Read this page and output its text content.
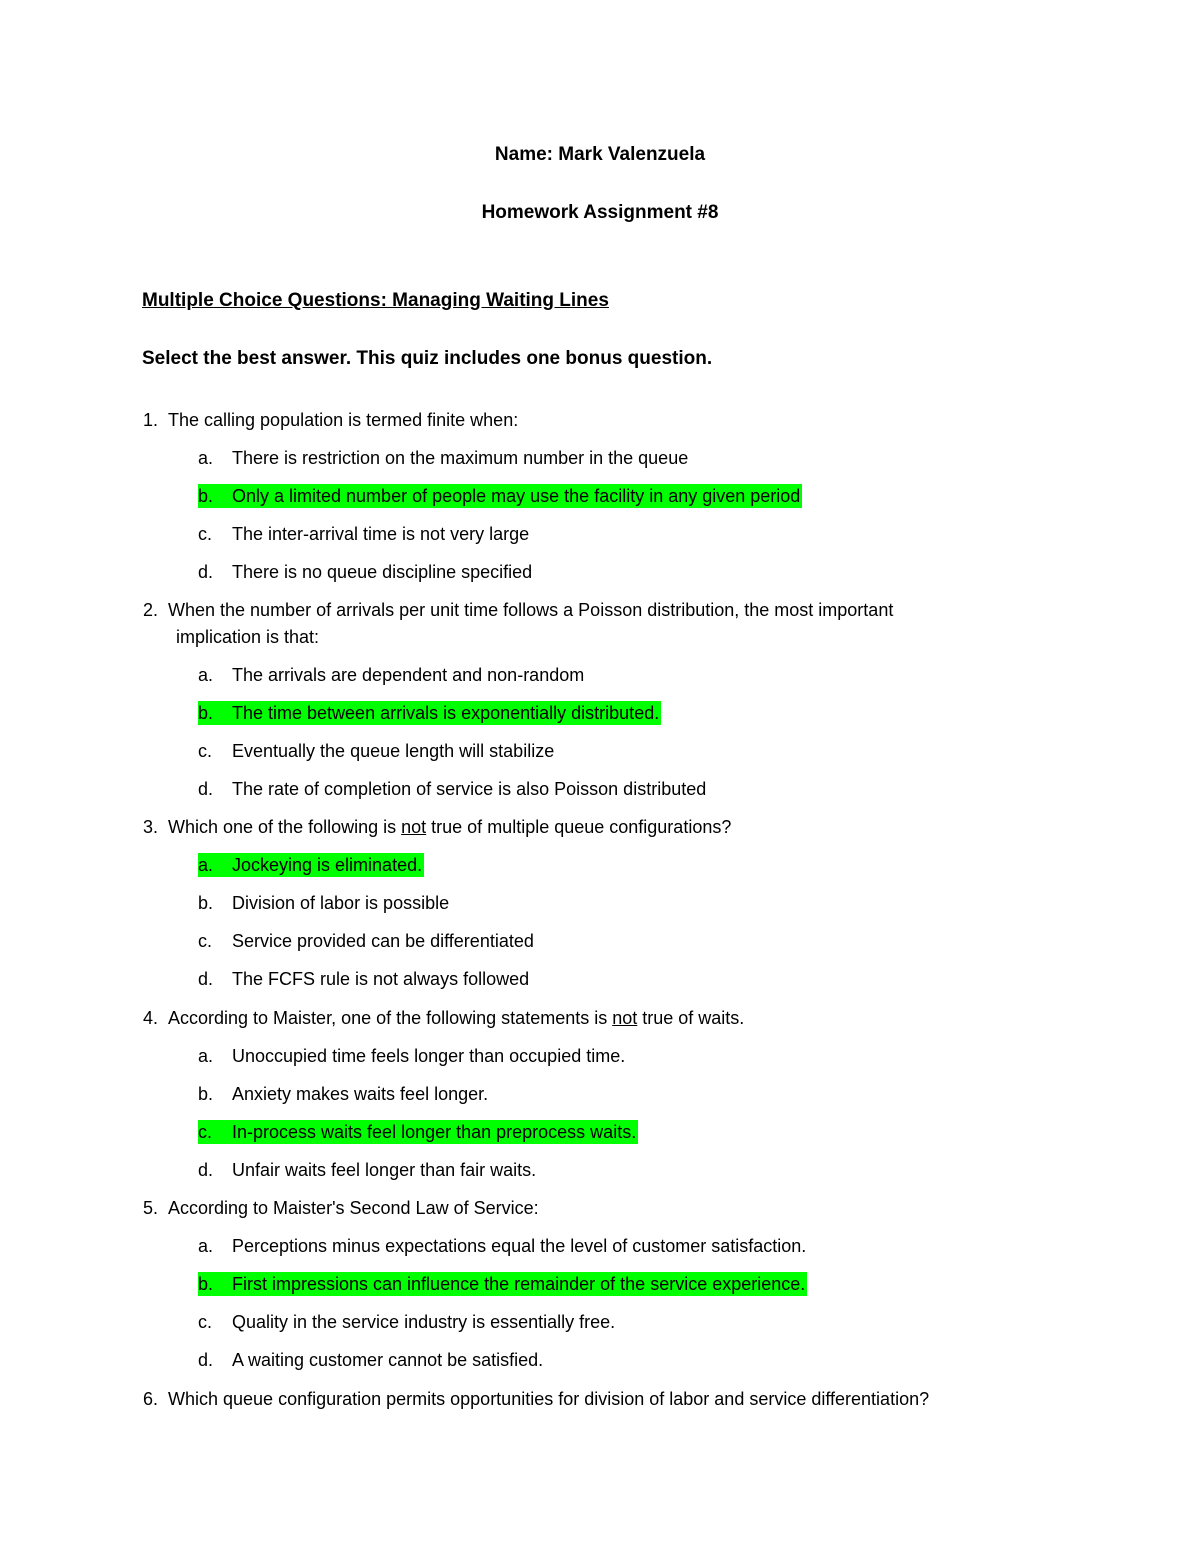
Name: Mark Valenzuela
Homework Assignment #8
Multiple Choice Questions: Managing Waiting Lines
Select the best answer. This quiz includes one bonus question.
1. The calling population is termed finite when:
a. There is restriction on the maximum number in the queue
b. Only a limited number of people may use the facility in any given period
c. The inter-arrival time is not very large
d. There is no queue discipline specified
2. When the number of arrivals per unit time follows a Poisson distribution, the most important
implication is that:
a. The arrivals are dependent and non-random
b. The time between arrivals is exponentially distributed.
c. Eventually the queue length will stabilize
d. The rate of completion of service is also Poisson distributed
3. Which one of the following is not true of multiple queue configurations?
a. Jockeying is eliminated.
b. Division of labor is possible
c. Service provided can be differentiated
d. The FCFS rule is not always followed
4. According to Maister, one of the following statements is not true of waits.
a. Unoccupied time feels longer than occupied time.
b. Anxiety makes waits feel longer.
c. In-process waits feel longer than preprocess waits.
d. Unfair waits feel longer than fair waits.
5. According to Maister's Second Law of Service:
a. Perceptions minus expectations equal the level of customer satisfaction.
b. First impressions can influence the remainder of the service experience.
c. Quality in the service industry is essentially free.
d. A waiting customer cannot be satisfied.
6. Which queue configuration permits opportunities for division of labor and service differentiation?
